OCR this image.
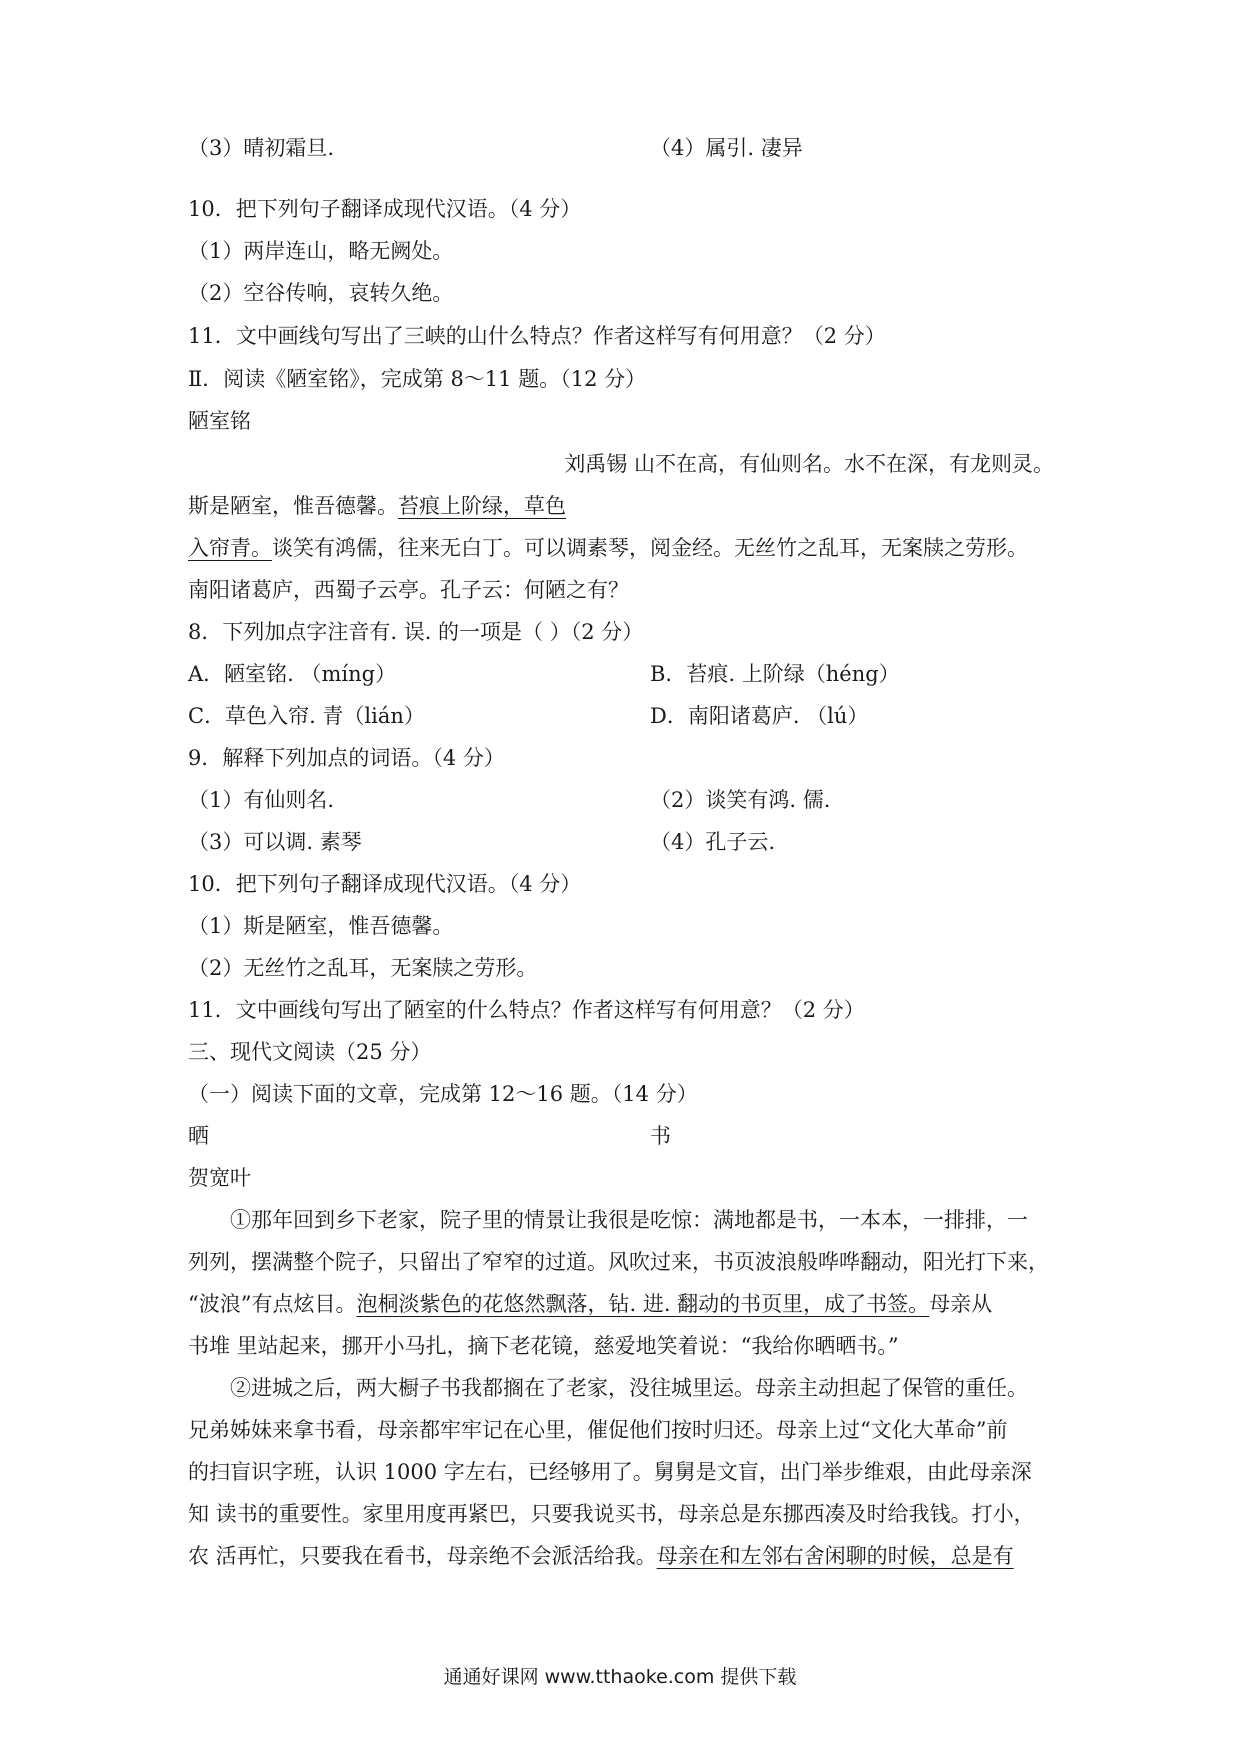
（3）晴初霜旦.	（4）属引. 凄异
10．把下列句子翻译成现代汉语。（4 分）
（1）两岸连山，略无阙处。
（2）空谷传响，哀转久绝。
11．文中画线句写出了三峡的山什么特点？作者这样写有何用意？（2 分）
Ⅱ．阅读《陋室铭》，完成第 8～11 题。（12 分）
陋室铭
刘禹锡 山不在高，有仙则名。水不在深，有龙则灵。
斯是陋室，惟吾德馨。苔痕上阶绿，草色
入帘青。谈笑有鸿儒，往来无白丁。可以调素琴，阅金经。无丝竹之乱耳，无案牍之劳形。
南阳诸葛庐，西蜀子云亭。孔子云：何陋之有？
8．下列加点字注音有. 误. 的一项是（ ）（2 分）
A．陋室铭. （míng）	B．苔痕. 上阶绿（héng）
C．草色入帘. 青（lián）	D．南阳诸葛庐. （lú）
9．解释下列加点的词语。（4 分）
（1）有仙则名.	（2）谈笑有鸿. 儒.
（3）可以调. 素琴	（4）孔子云.
10．把下列句子翻译成现代汉语。（4 分）
（1）斯是陋室，惟吾德馨。
（2）无丝竹之乱耳，无案牍之劳形。
11．文中画线句写出了陋室的什么特点？作者这样写有何用意？（2 分）
三、现代文阅读（25 分）
（一）阅读下面的文章，完成第 12～16 题。（14 分）
晒	书
贺宽叶
①那年回到乡下老家，院子里的情景让我很是吃惊：满地都是书，一本本，一排排，一
列列，摆满整个院子，只留出了窄窄的过道。风吹过来，书页波浪般哗哗翻动，阳光打下来，
“波浪”有点炫目。泡桐淡紫色的花悠然飘落，钻. 进. 翻动的书页里，成了书签。母亲从
书堆 里站起来，挪开小马扎，摘下老花镜，慈爱地笑着说：“我给你晒晒书。”
②进城之后，两大橱子书我都搁在了老家，没往城里运。母亲主动担起了保管的重任。
兄弟姊妹来拿书看，母亲都牢牢记在心里，催促他们按时归还。母亲上过“文化大革命”前
的扫盲识字班，认识 1000 字左右，已经够用了。舅舅是文盲，出门举步维艰，由此母亲深
知 读书的重要性。家里用度再紧巴，只要我说买书，母亲总是东挪西凑及时给我钱。打小，
农 活再忙，只要我在看书，母亲绝不会派活给我。母亲在和左邻右舍闲聊的时候，总是有
通通好课网 www.tthaoke.com 提供下载
